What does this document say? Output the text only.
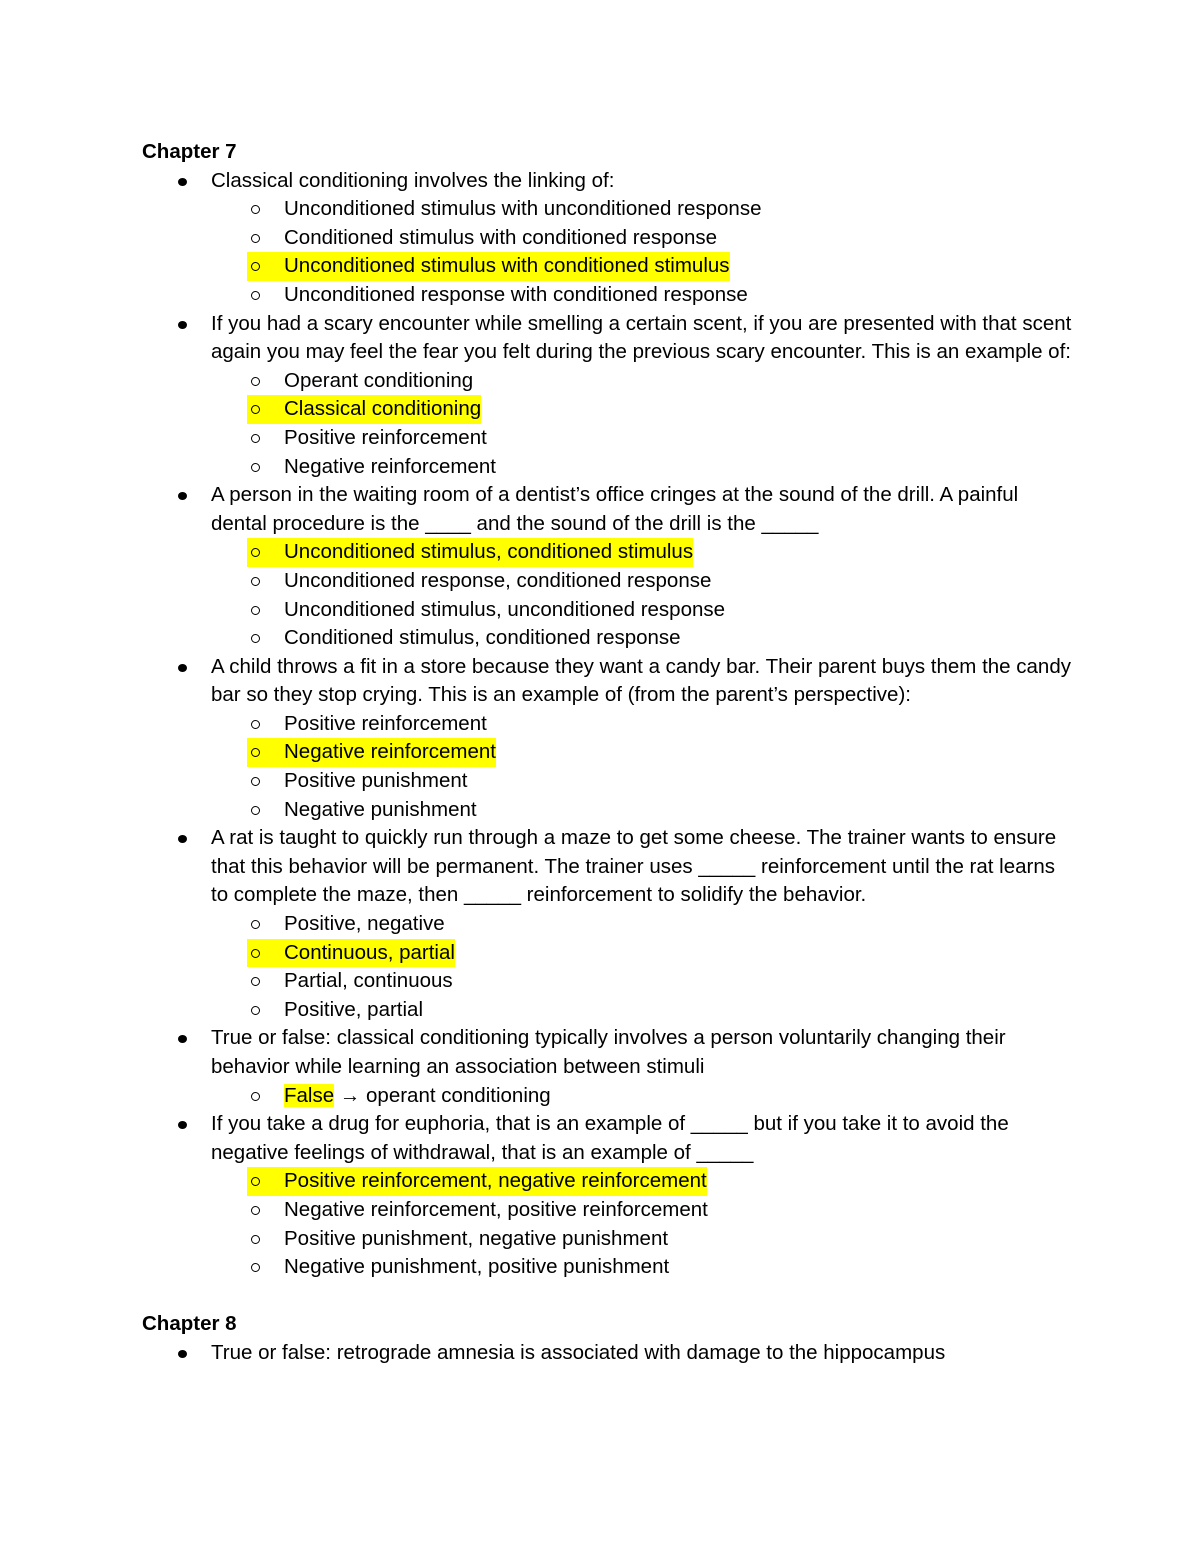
Chapter 7
Classical conditioning involves the linking of:
Unconditioned stimulus with unconditioned response
Conditioned stimulus with conditioned response
Unconditioned stimulus with conditioned stimulus
Unconditioned response with conditioned response
If you had a scary encounter while smelling a certain scent, if you are presented with that scent again you may feel the fear you felt during the previous scary encounter. This is an example of:
Operant conditioning
Classical conditioning
Positive reinforcement
Negative reinforcement
A person in the waiting room of a dentist’s office cringes at the sound of the drill. A painful dental procedure is the ____ and the sound of the drill is the _____
Unconditioned stimulus, conditioned stimulus
Unconditioned response, conditioned response
Unconditioned stimulus, unconditioned response
Conditioned stimulus, conditioned response
A child throws a fit in a store because they want a candy bar. Their parent buys them the candy bar so they stop crying. This is an example of (from the parent’s perspective):
Positive reinforcement
Negative reinforcement
Positive punishment
Negative punishment
A rat is taught to quickly run through a maze to get some cheese. The trainer wants to ensure that this behavior will be permanent. The trainer uses _____ reinforcement until the rat learns to complete the maze, then _____ reinforcement to solidify the behavior.
Positive, negative
Continuous, partial
Partial, continuous
Positive, partial
True or false: classical conditioning typically involves a person voluntarily changing their behavior while learning an association between stimuli
False → operant conditioning
If you take a drug for euphoria, that is an example of _____ but if you take it to avoid the negative feelings of withdrawal, that is an example of _____
Positive reinforcement, negative reinforcement
Negative reinforcement, positive reinforcement
Positive punishment, negative punishment
Negative punishment, positive punishment
Chapter 8
True or false: retrograde amnesia is associated with damage to the hippocampus
